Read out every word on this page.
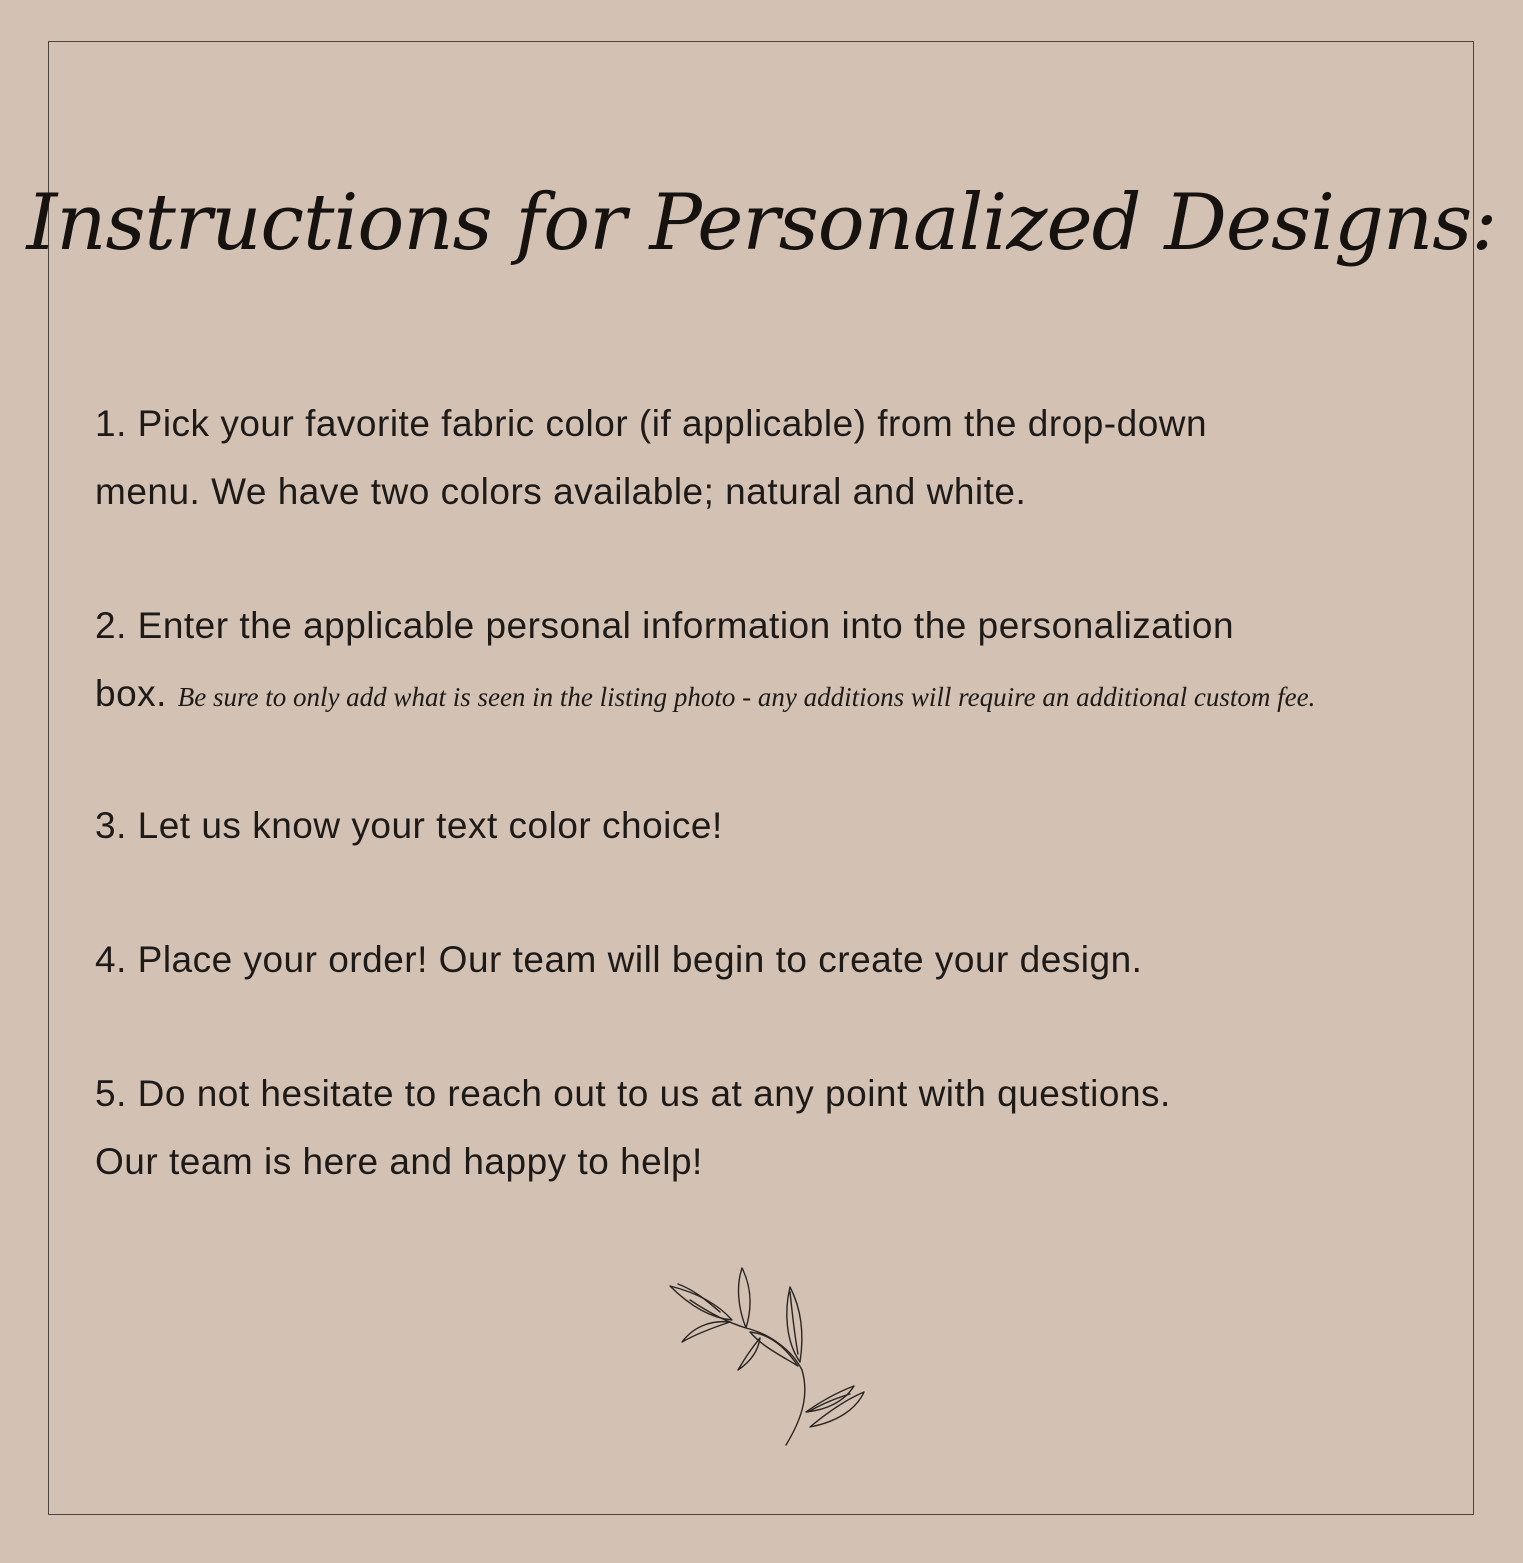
Instructions for Personalized Designs:
1. Pick your favorite fabric color (if applicable) from the drop-down
menu. We have two colors available; natural and white.
2. Enter the applicable personal information into the personalization
box. Be sure to only add what is seen in the listing photo - any additions will require an additional custom fee.
3. Let us know your text color choice!
4. Place your order! Our team will begin to create your design.
5. Do not hesitate to reach out to us at any point with questions.
Our team is here and happy to help!
